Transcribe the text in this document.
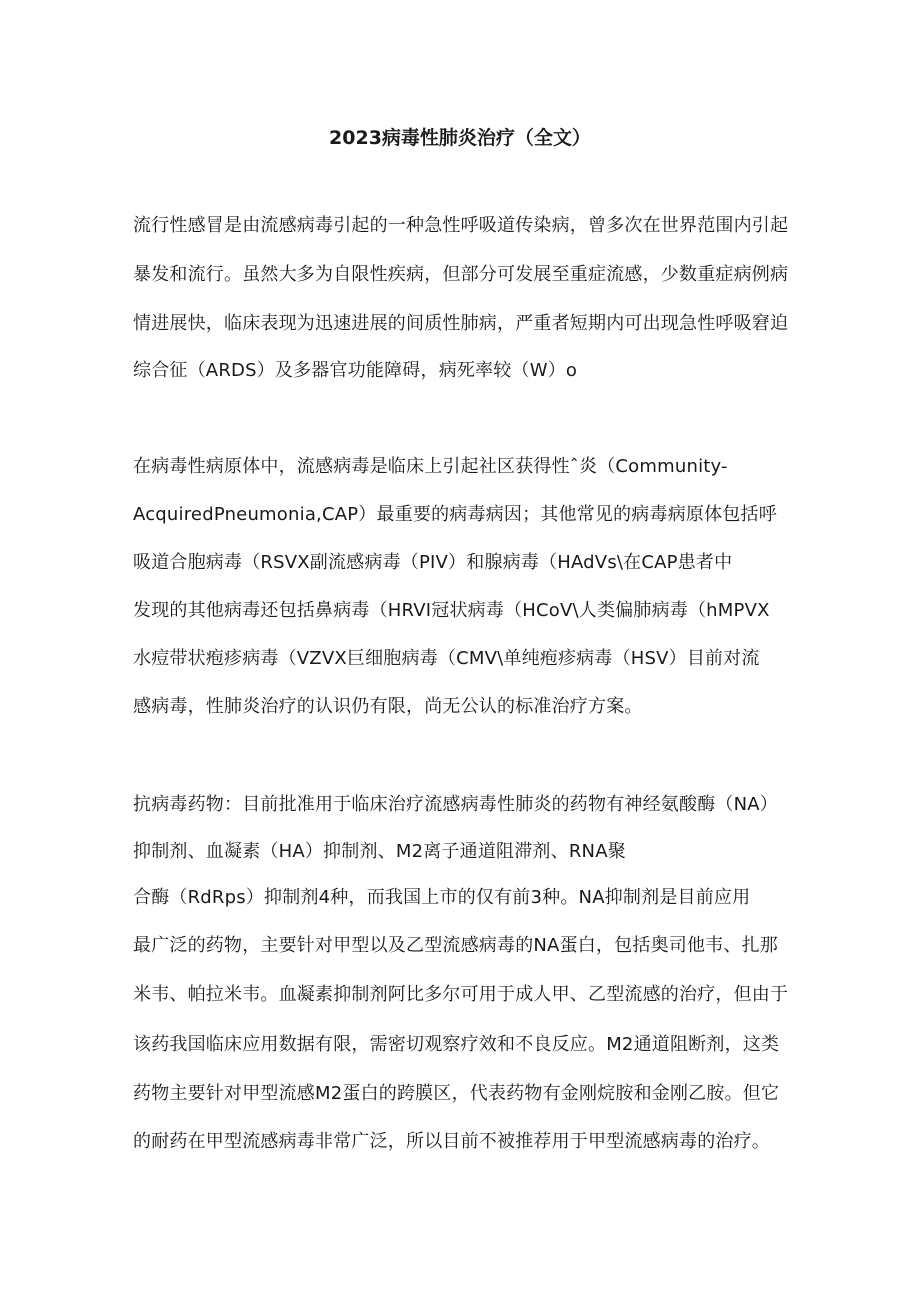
2023病毒性肺炎治疗（全文）

流行性感冒是由流感病毒引起的一种急性呼吸道传染病，曾多次在世界范围内引起

暴发和流行。虽然大多为自限性疾病，但部分可发展至重症流感，少数重症病例病

情进展快，临床表现为迅速进展的间质性肺病，严重者短期内可出现急性呼吸窘迫

综合征（ARDS）及多器官功能障碍，病死率较（W）o

在病毒性病原体中，流感病毒是临床上引起社区获得性ˆ炎（Community-

AcquiredPneumonia,CAP）最重要的病毒病因；其他常见的病毒病原体包括呼

吸道合胞病毒（RSVX副流感病毒（PIV）和腺病毒（HAdVs\在CAP患者中

发现的其他病毒还包括鼻病毒（HRVI冠状病毒（HCoV\人类偏肺病毒（hMPVX

水痘带状疱疹病毒（VZVX巨细胞病毒（CMV\单纯疱疹病毒（HSV）目前对流

感病毒，性肺炎治疗的认识仍有限，尚无公认的标准治疗方案。

抗病毒药物：目前批准用于临床治疗流感病毒性肺炎的药物有神经氨酸酶（NA）

抑制剂、血凝素（HA）抑制剂、M2离子通道阻滞剂、RNA聚

合酶（RdRps）抑制剂4种，而我国上市的仅有前3种。NA抑制剂是目前应用

最广泛的药物，主要针对甲型以及乙型流感病毒的NA蛋白，包括奥司他韦、扎那

米韦、帕拉米韦。血凝素抑制剂阿比多尔可用于成人甲、乙型流感的治疗，但由于

该药我国临床应用数据有限，需密切观察疗效和不良反应。M2通道阻断剂，这类

药物主要针对甲型流感M2蛋白的跨膜区，代表药物有金刚烷胺和金刚乙胺。但它

的耐药在甲型流感病毒非常广泛，所以目前不被推荐用于甲型流感病毒的治疗。
